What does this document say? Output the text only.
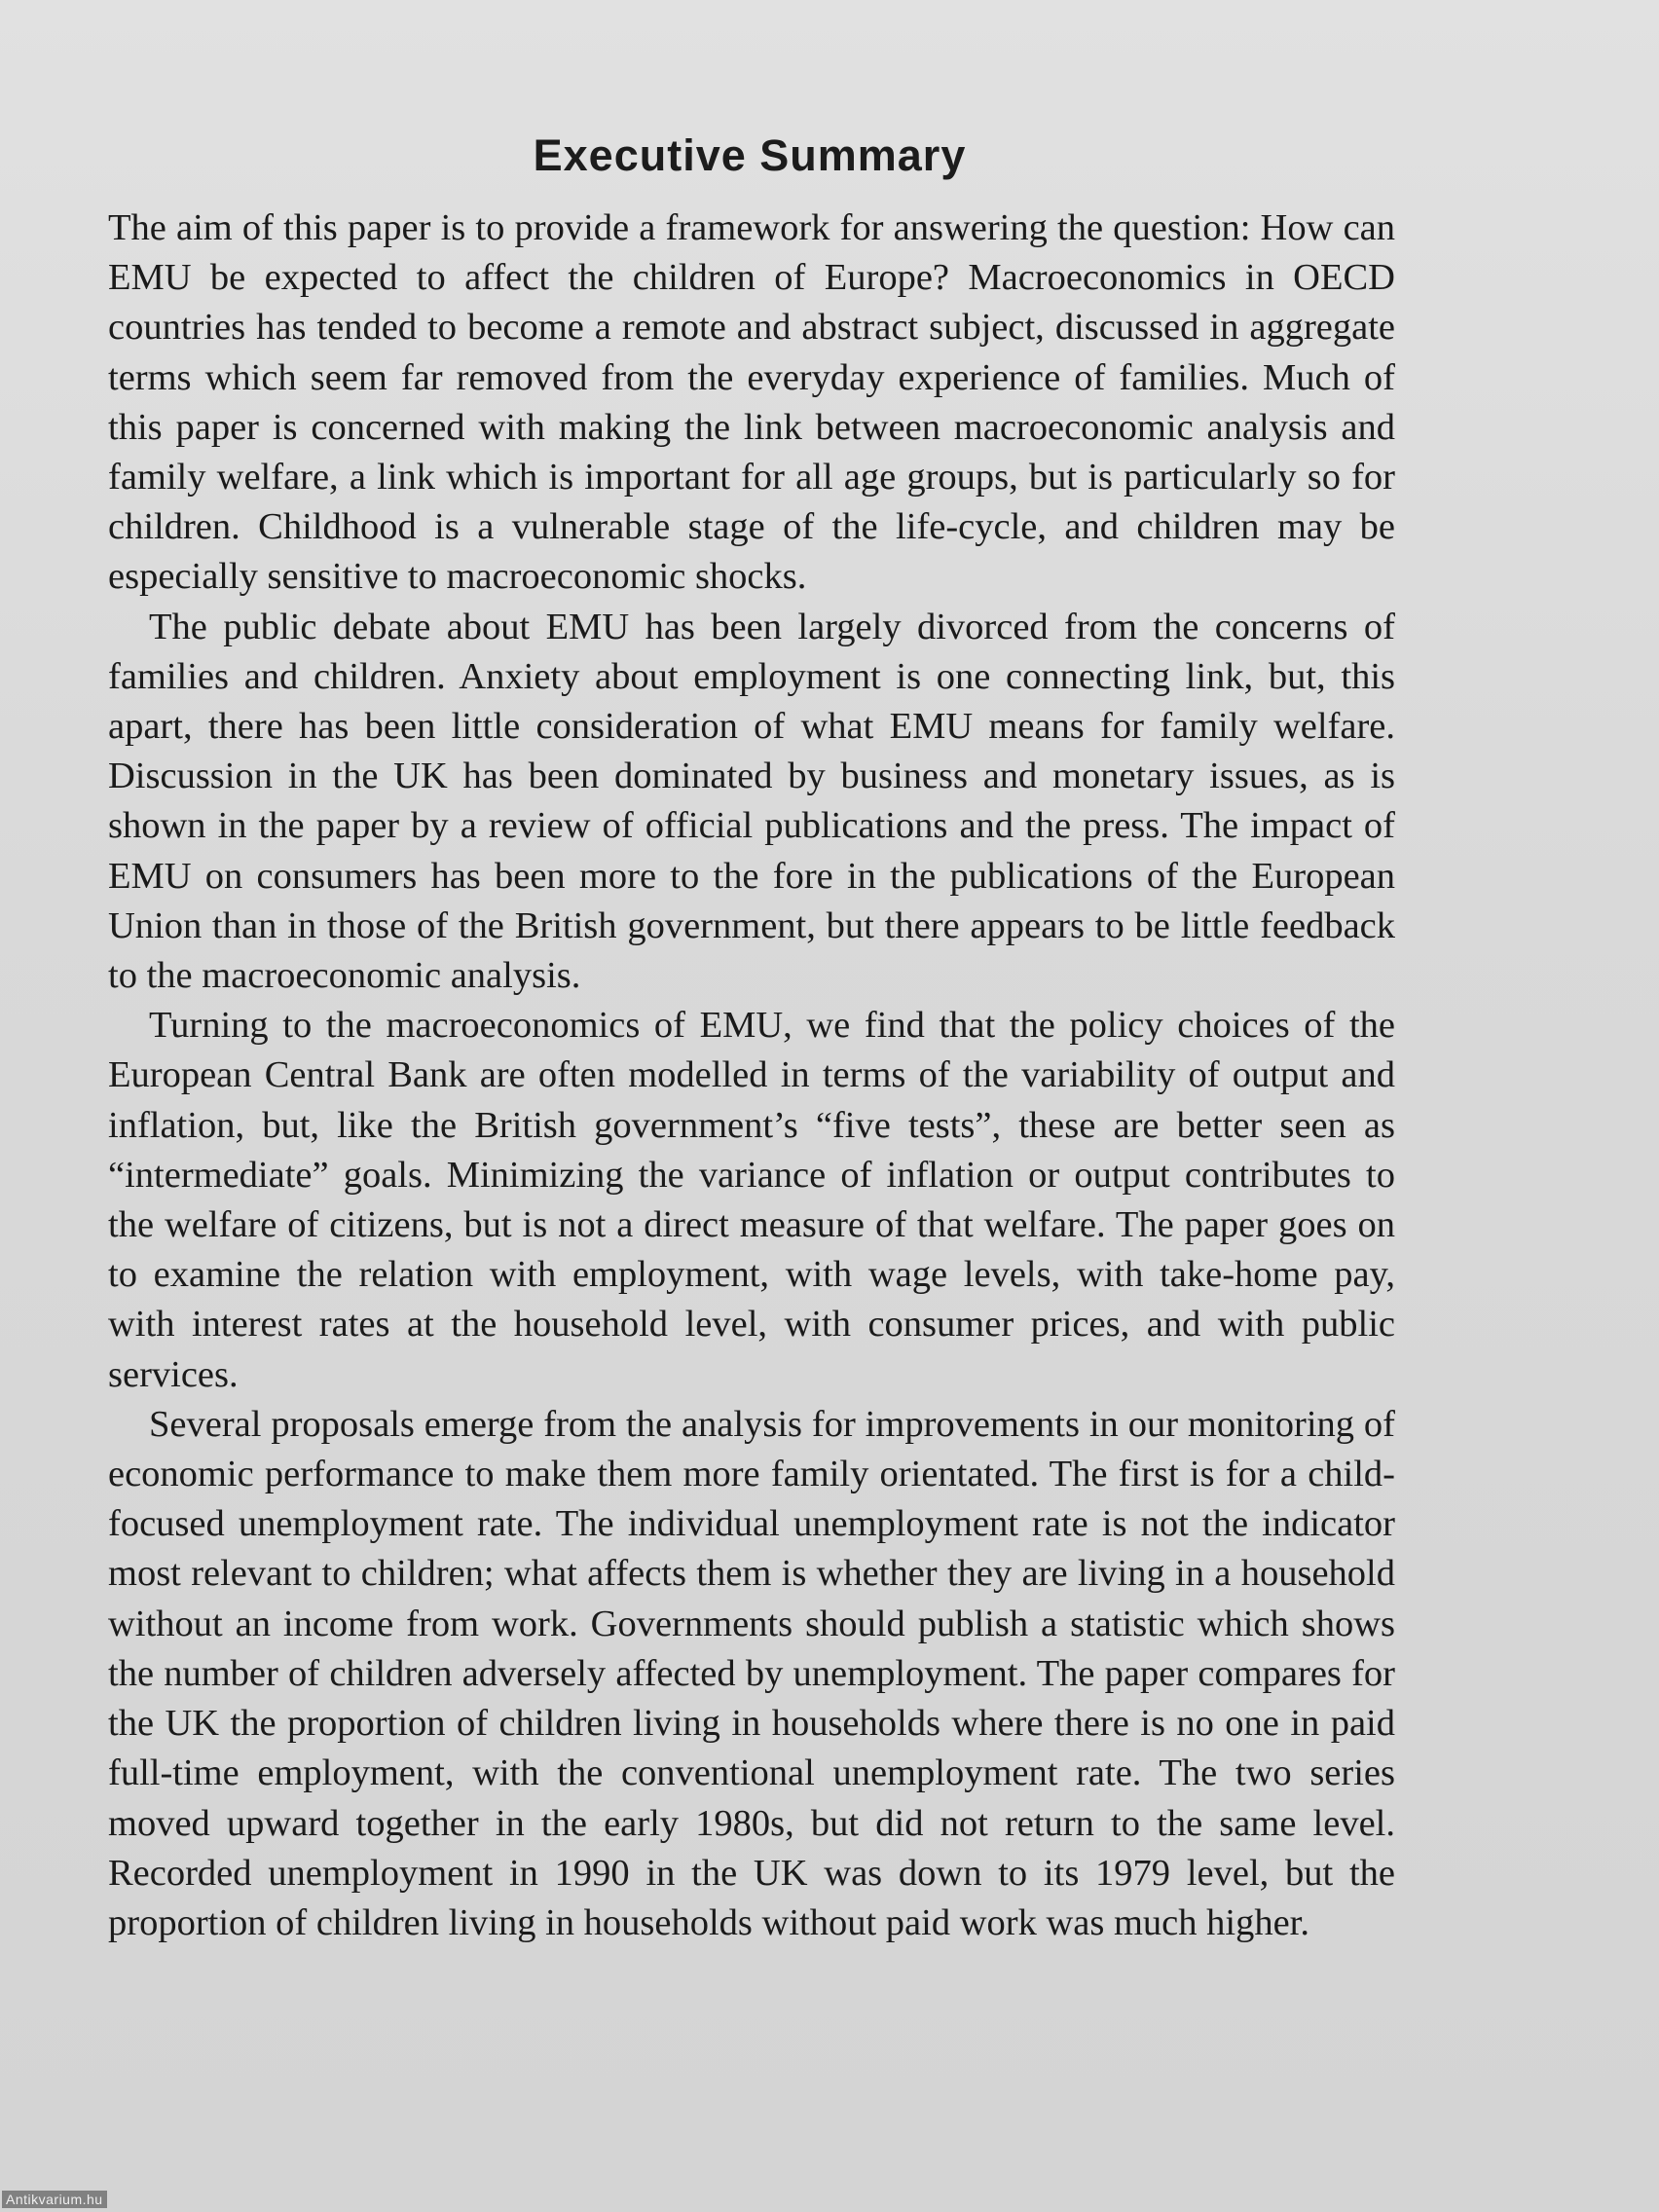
Executive Summary

The aim of this paper is to provide a framework for answering the question: How can EMU be expected to affect the children of Europe? Macroeconomics in OECD countries has tended to become a remote and abstract subject, discussed in aggregate terms which seem far removed from the everyday experience of families. Much of this paper is concerned with making the link between macroeconomic analysis and family welfare, a link which is important for all age groups, but is particularly so for children. Childhood is a vulnerable stage of the life-cycle, and children may be especially sensitive to macroeconomic shocks.

The public debate about EMU has been largely divorced from the concerns of families and children. Anxiety about employment is one connecting link, but, this apart, there has been little consideration of what EMU means for family welfare. Discussion in the UK has been dominated by business and monetary issues, as is shown in the paper by a review of official publications and the press. The impact of EMU on consumers has been more to the fore in the publications of the European Union than in those of the British government, but there appears to be little feedback to the macroeconomic analysis.

Turning to the macroeconomics of EMU, we find that the policy choices of the European Central Bank are often modelled in terms of the variability of output and inflation, but, like the British government’s “five tests”, these are better seen as “intermediate” goals. Minimizing the variance of inflation or output contributes to the welfare of citizens, but is not a direct measure of that welfare. The paper goes on to examine the relation with employment, with wage levels, with take-home pay, with interest rates at the household level, with consumer prices, and with public services.

Several proposals emerge from the analysis for improvements in our monitoring of economic performance to make them more family orientated. The first is for a child-focused unemployment rate. The individual unemployment rate is not the indicator most relevant to children; what affects them is whether they are living in a household without an income from work. Governments should publish a statistic which shows the number of children adversely affected by unemployment. The paper compares for the UK the proportion of children living in households where there is no one in paid full-time employment, with the conventional unemployment rate. The two series moved upward together in the early 1980s, but did not return to the same level. Recorded unemployment in 1990 in the UK was down to its 1979 level, but the proportion of children living in households without paid work was much higher.

Antikvarium.hu
